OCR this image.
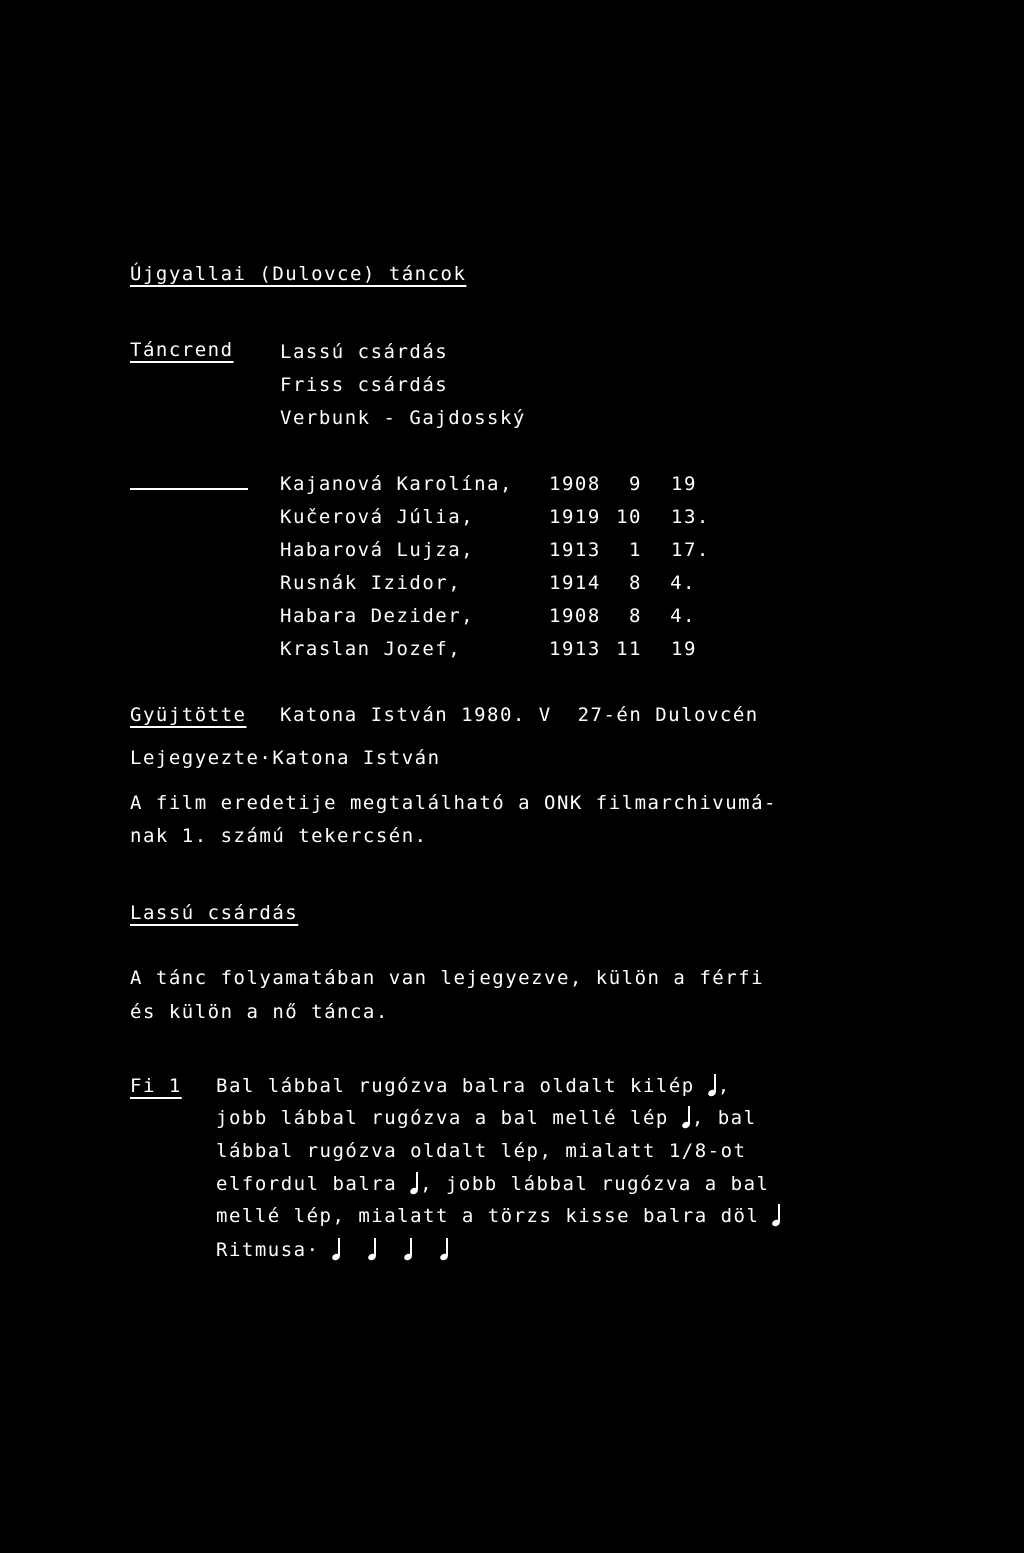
Újgyallai (Dulovce) táncok
Táncrend Lassú csárdás
Friss csárdás
Verbunk - Gajdosský
Kajanová Karolína, 1908	9 19
Kučerová Júlia,	1919 10 13.
Habarová Lujza,	1913	1 17.
Rusnák Izidor,	1914	8	4.
Habara Dezider,	1908	8	4.
Kraslan Jozef,	1913 11 19
Gyüjtötte Katona István 1980. V  27-én Dulovcén
Lejegyezte·Katona István
A film eredetije megtalálható a ONK filmarchivumá-
nak 1. számú tekercsén.
Lassú csárdás
A tánc folyamatában van lejegyezve, külön a férfi
és külön a nő tánca.
Fi 1	Bal lábbal rugózva balra oldalt kilép ,
jobb lábbal rugózva a bal mellé lép , bal
lábbal rugózva oldalt lép, mialatt 1/8-ot
elfordul balra , jobb lábbal rugózva a bal
mellé lép, mialatt a törzs kisse balra döl
Ritmusa·
